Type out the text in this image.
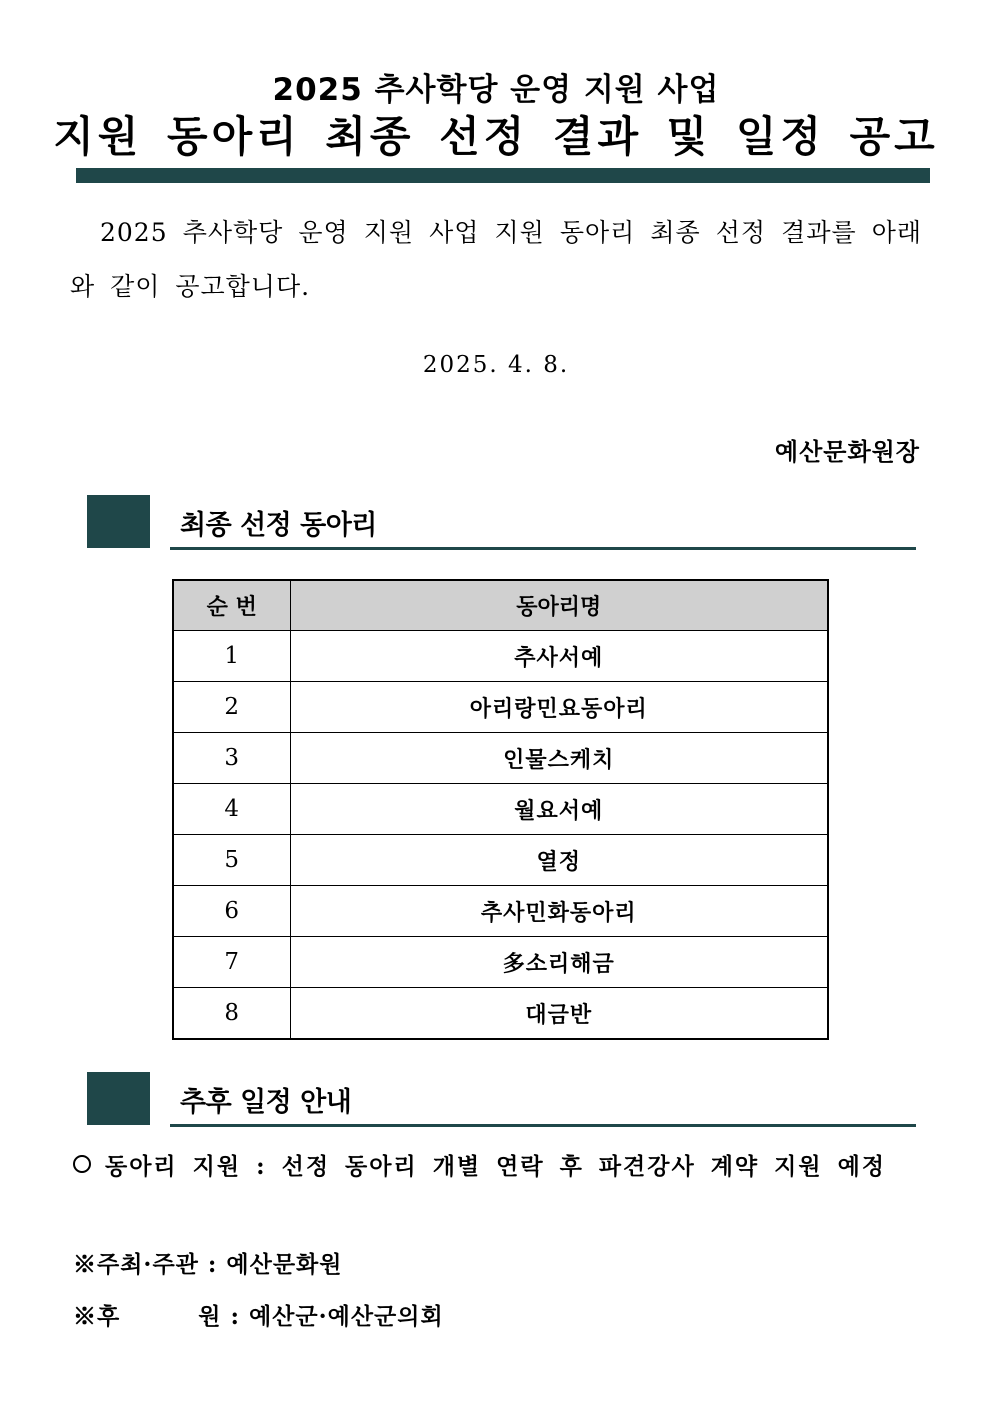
2025 추사학당 운영 지원 사업
지원 동아리 최종 선정 결과 및 일정 공고
2025 추사학당 운영 지원 사업 지원 동아리 최종 선정 결과를 아래와 같이 공고합니다.
2025. 4. 8.
예산문화원장
최종 선정 동아리
순 번	동아리명
1	추사서예
2	아리랑민요동아리
3	인물스케치
4	월요서예
5	열정
6	추사민화동아리
7	多소리해금
8	대금반
추후 일정 안내
동아리 지원 : 선정 동아리 개별 연락 후 파견강사 계약 지원 예정
※주최·주관 : 예산문화원
※후	원 : 예산군·예산군의회
